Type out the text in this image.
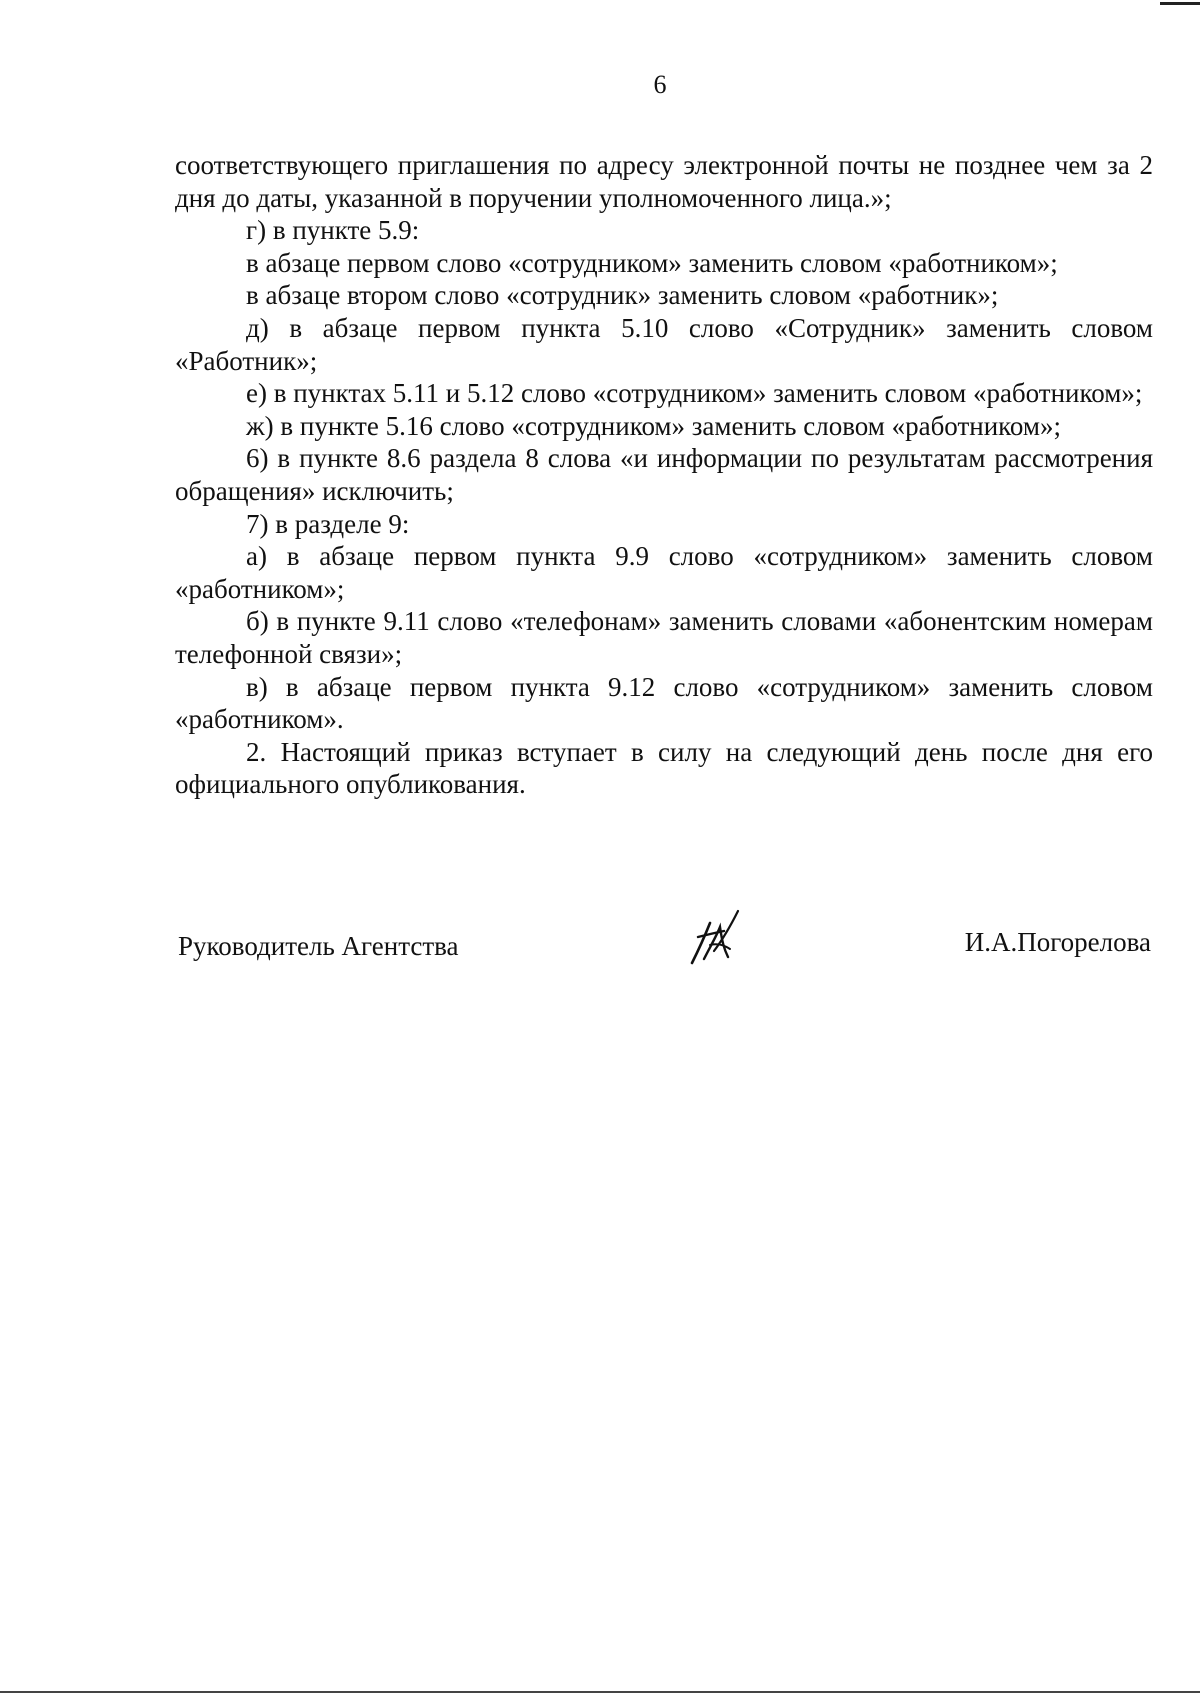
6

соответствующего приглашения по адресу электронной почты не позднее чем за 2 дня до даты, указанной в поручении уполномоченного лица.»;

г) в пункте 5.9:

в абзаце первом слово «сотрудником» заменить словом «работником»;

в абзаце втором слово «сотрудник» заменить словом «работник»;

д) в абзаце первом пункта 5.10 слово «Сотрудник» заменить словом «Работник»;

е) в пунктах 5.11 и 5.12 слово «сотрудником» заменить словом «работником»;

ж) в пункте 5.16 слово «сотрудником» заменить словом «работником»;

6) в пункте 8.6 раздела 8 слова «и информации по результатам рассмотрения обращения» исключить;

7) в разделе 9:

а) в абзаце первом пункта 9.9 слово «сотрудником» заменить словом «работником»;

б) в пункте 9.11 слово «телефонам» заменить словами «абонентским номерам телефонной связи»;

в) в абзаце первом пункта 9.12 слово «сотрудником» заменить словом «работником».

2. Настоящий приказ вступает в силу на следующий день после дня его официального опубликования.

Руководитель Агентства	И.А.Погорелова
